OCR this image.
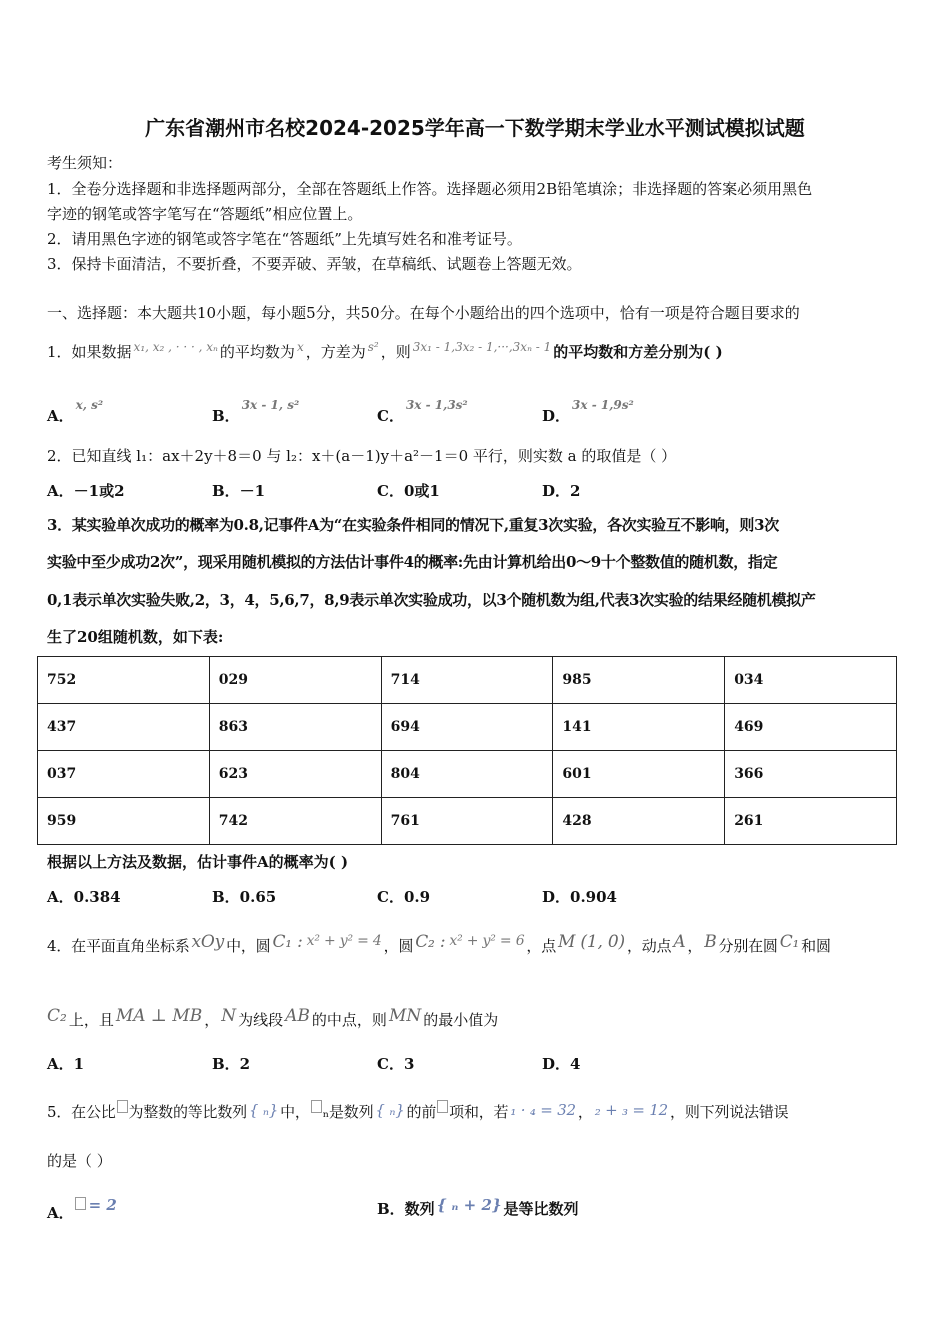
广东省潮州市名校2024-2025学年高一下数学期末学业水平测试模拟试题
考生须知：
1．全卷分选择题和非选择题两部分，全部在答题纸上作答。选择题必须用2B铅笔填涂；非选择题的答案必须用黑色
字迹的钢笔或答字笔写在“答题纸”相应位置上。
2．请用黑色字迹的钢笔或答字笔在“答题纸”上先填写姓名和准考证号。
3．保持卡面清洁，不要折叠，不要弄破、弄皱，在草稿纸、试题卷上答题无效。
一、选择题：本大题共10小题，每小题5分，共50分。在每个小题给出的四个选项中，恰有一项是符合题目要求的
1．如果数据 x₁, x₂ , · · · , xₙ 的平均数为 x ，方差为 s² ，则 3x₁ - 1,3x₂ - 1,···,3xₙ - 1 的平均数和方差分别为( )
A．x, s²
B．3x - 1, s²
C．3x - 1,3s²
D．3x - 1,9s²
2．已知直线 l₁：ax＋2y＋8＝0 与 l₂：x＋(a－1)y＋a²－1＝0 平行，则实数 a 的取值是（ ）
A．－1或2	B．－1	C．0或1	D．2
3．某实验单次成功的概率为0.8,记事件A为“在实验条件相同的情况下,重复3次实验，各次实验互不影响，则3次
实验中至少成功2次”，现采用随机模拟的方法估计事件4的概率:先由计算机给出0～9十个整数值的随机数，指定
0,1表示单次实验失败,2，3，4，5,6,7，8,9表示单次实验成功，以3个随机数为组,代表3次实验的结果经随机模拟产
生了20组随机数，如下表:
752	029	714	985	034
437	863	694	141	469
037	623	804	601	366
959	742	761	428	261
根据以上方法及数据，估计事件A的概率为( )
A．0.384	B．0.65	C．0.9	D．0.904
4．在平面直角坐标系 xOy 中，圆 C₁ : x² + y² = 4 ，圆 C₂ : x² + y² = 6 ，点 M (1, 0) ，动点 A ， B 分别在圆 C₁ 和圆
C₂ 上，且 MA ⊥ MB ， N 为线段 AB 的中点，则 MN 的最小值为
A．1	B．2	C．3	D．4
5．在公比 为整数的等比数列 { ₙ} 中， ₙ是数列 { ₙ} 的前 项和，若 ₁ · ₄ = 32 ， ₂ + ₃ = 12 ，则下列说法错误
的是（ ）
A． = 2	B．数列 { ₙ + 2} 是等比数列
